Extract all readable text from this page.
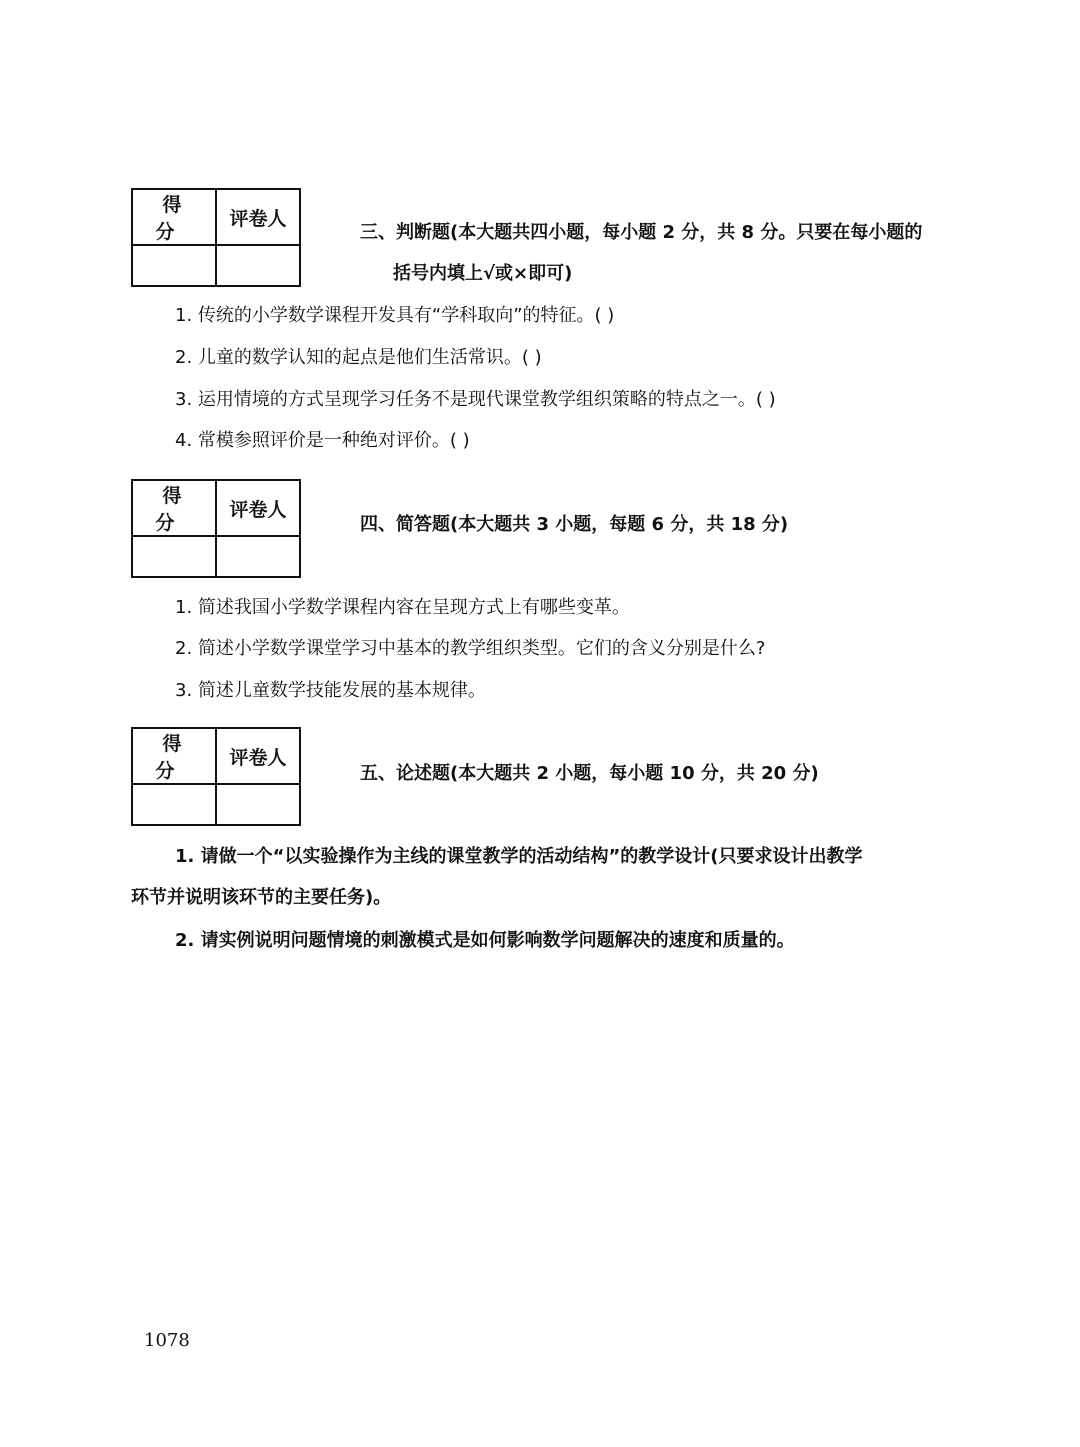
得分	评卷人

三、判断题(本大题共四小题，每小题 2 分，共 8 分。只要在每小题的
括号内填上√或×即可)
1. 传统的小学数学课程开发具有“学科取向”的特征。( )
2. 儿童的数学认知的起点是他们生活常识。( )
3. 运用情境的方式呈现学习任务不是现代课堂教学组织策略的特点之一。( )
4. 常模参照评价是一种绝对评价。( )
得分	评卷人

四、简答题(本大题共 3 小题，每题 6 分，共 18 分)
1. 简述我国小学数学课程内容在呈现方式上有哪些变革。
2. 简述小学数学课堂学习中基本的教学组织类型。它们的含义分别是什么?
3. 简述儿童数学技能发展的基本规律。
得分	评卷人

五、论述题(本大题共 2 小题，每小题 10 分，共 20 分)
1. 请做一个“以实验操作为主线的课堂教学的活动结构”的教学设计(只要求设计出教学
环节并说明该环节的主要任务)。
2. 请实例说明问题情境的刺激模式是如何影响数学问题解决的速度和质量的。
1078
